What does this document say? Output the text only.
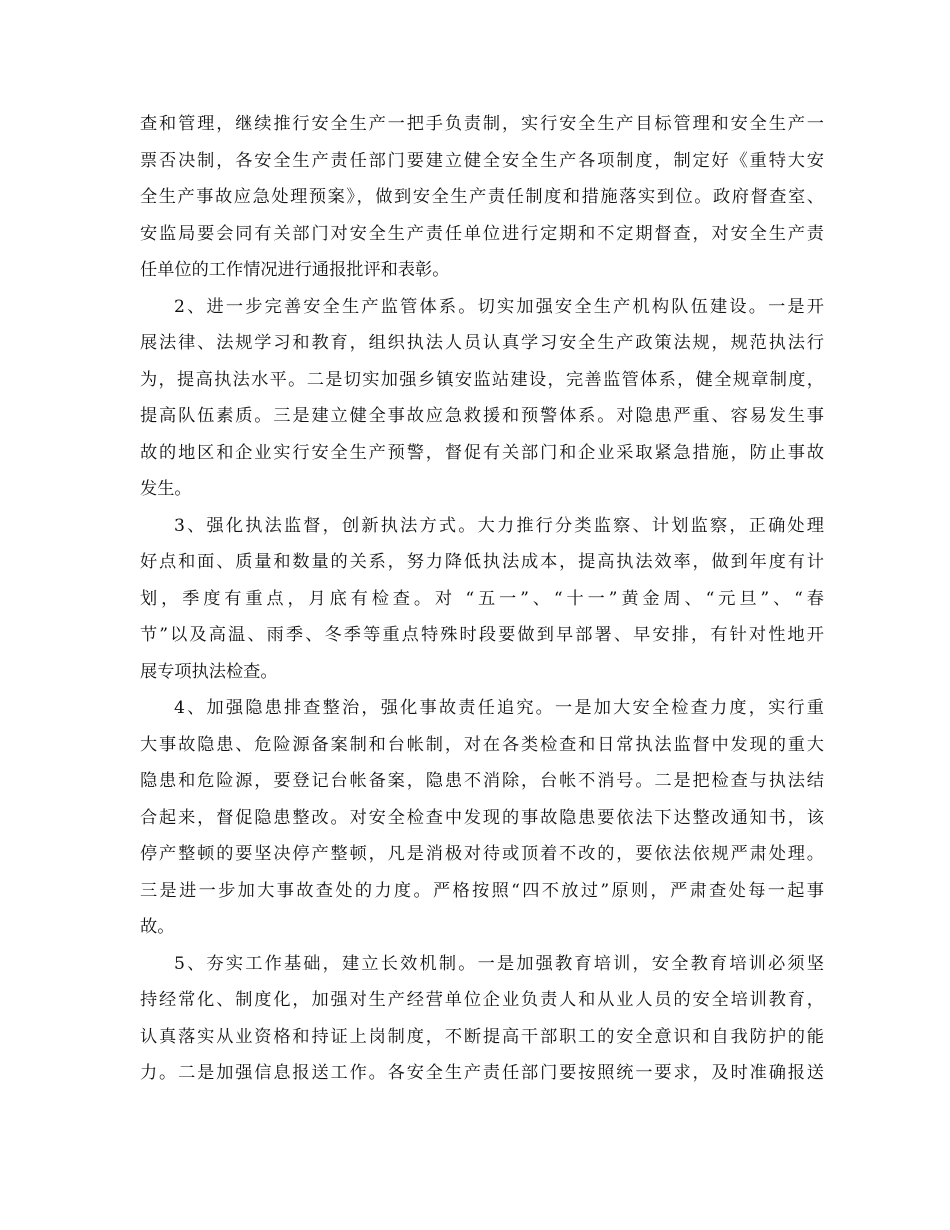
查和管理，继续推行安全生产一把手负责制，实行安全生产目标管理和安全生产一
票否决制，各安全生产责任部门要建立健全安全生产各项制度，制定好《重特大安
全生产事故应急处理预案》，做到安全生产责任制度和措施落实到位。政府督查室、
安监局要会同有关部门对安全生产责任单位进行定期和不定期督查，对安全生产责
任单位的工作情况进行通报批评和表彰。
2、进一步完善安全生产监管体系。切实加强安全生产机构队伍建设。一是开
展法律、法规学习和教育，组织执法人员认真学习安全生产政策法规，规范执法行
为，提高执法水平。二是切实加强乡镇安监站建设，完善监管体系，健全规章制度，
提高队伍素质。三是建立健全事故应急救援和预警体系。对隐患严重、容易发生事
故的地区和企业实行安全生产预警，督促有关部门和企业采取紧急措施，防止事故
发生。
3、强化执法监督，创新执法方式。大力推行分类监察、计划监察，正确处理
好点和面、质量和数量的关系，努力降低执法成本，提高执法效率，做到年度有计
划，季度有重点，月底有检查。对 “五一”、“十一”黄金周、“元旦”、“春
节”以及高温、雨季、冬季等重点特殊时段要做到早部署、早安排，有针对性地开
展专项执法检查。
4、加强隐患排查整治，强化事故责任追究。一是加大安全检查力度，实行重
大事故隐患、危险源备案制和台帐制，对在各类检查和日常执法监督中发现的重大
隐患和危险源，要登记台帐备案，隐患不消除，台帐不消号。二是把检查与执法结
合起来，督促隐患整改。对安全检查中发现的事故隐患要依法下达整改通知书，该
停产整顿的要坚决停产整顿，凡是消极对待或顶着不改的，要依法依规严肃处理。
三是进一步加大事故查处的力度。严格按照“四不放过”原则，严肃查处每一起事
故。
5、夯实工作基础，建立长效机制。一是加强教育培训，安全教育培训必须坚
持经常化、制度化，加强对生产经营单位企业负责人和从业人员的安全培训教育，
认真落实从业资格和持证上岗制度，不断提高干部职工的安全意识和自我防护的能
力。二是加强信息报送工作。各安全生产责任部门要按照统一要求，及时准确报送
